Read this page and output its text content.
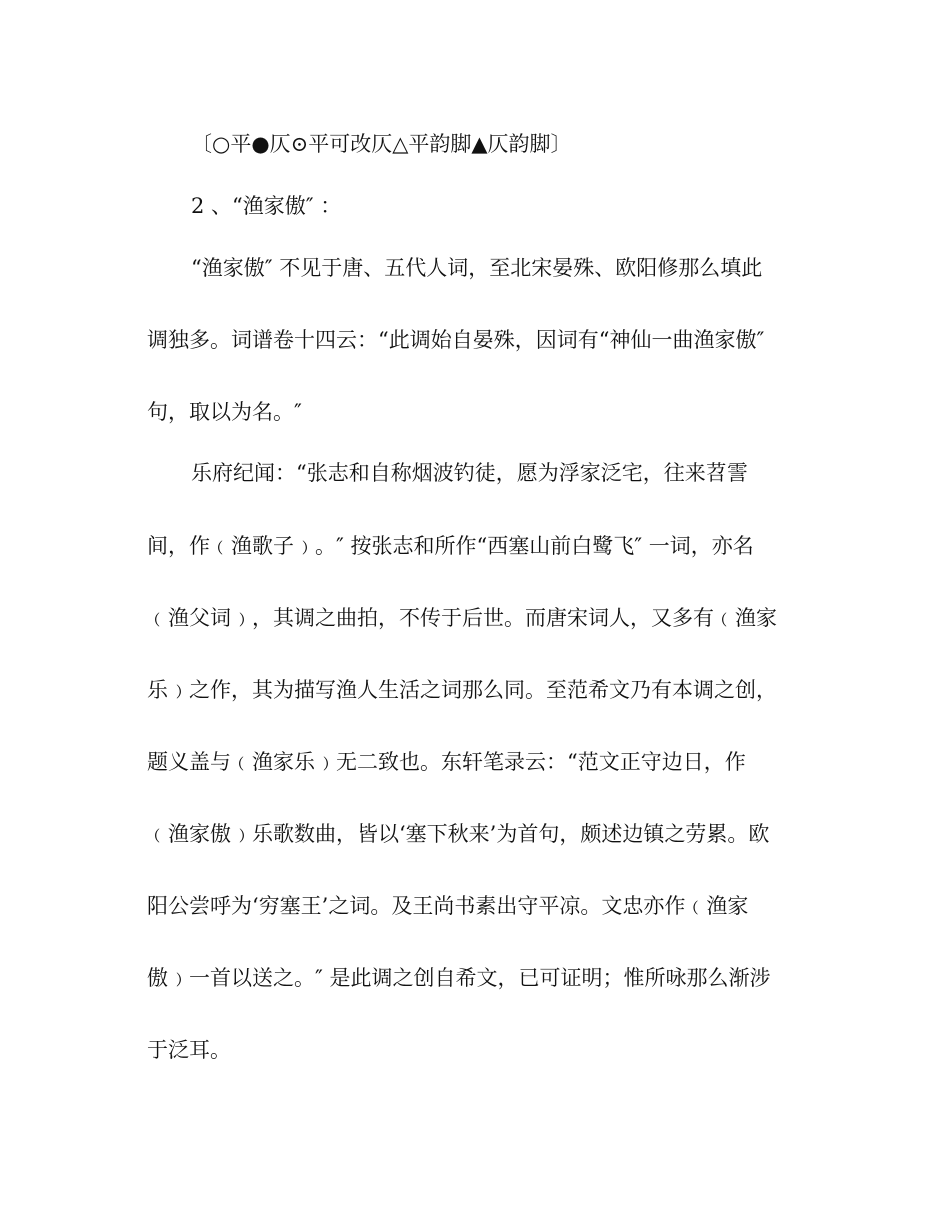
〔○平●仄⊙平可改仄△平韵脚▲仄韵脚〕
2 、“渔家傲″ ：
“渔家傲″ 不见于唐、五代人词，至北宋晏殊、欧阳修那么填此
调独多。词谱卷十四云：“此调始自晏殊，因词有“神仙一曲渔家傲″
句，取以为名。″
乐府纪闻：“张志和自称烟波钓徒，愿为浮家泛宅，往来苕霅
间，作﹙渔歌子﹚。″ 按张志和所作“西塞山前白鹭飞″ 一词，亦名
﹙渔父词﹚，其调之曲拍，不传于后世。而唐宋词人，又多有﹙渔家
乐﹚之作，其为描写渔人生活之词那么同。至范希文乃有本调之创，
题义盖与﹙渔家乐﹚无二致也。东轩笔录云：“范文正守边日，作
﹙渔家傲﹚乐歌数曲，皆以‘塞下秋来’为首句，颇述边镇之劳累。欧
阳公尝呼为‘穷塞王’之词。及王尚书素出守平凉。文忠亦作﹙渔家
傲﹚一首以送之。″ 是此调之创自希文，已可证明；惟所咏那么渐涉
于泛耳。
